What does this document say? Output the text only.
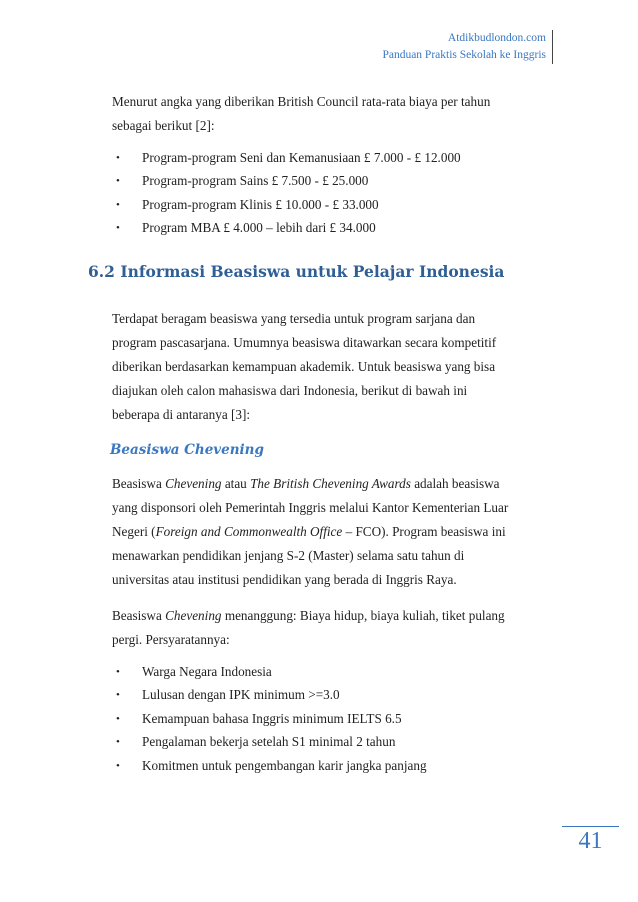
Atdikbudlondon.com
Panduan Praktis Sekolah ke Inggris

Menurut angka yang diberikan British Council rata-rata biaya per tahun
sebagai berikut [2]:

•	Program-program Seni dan Kemanusiaan £ 7.000 - £ 12.000
•	Program-program Sains £ 7.500 - £ 25.000
•	Program-program Klinis £ 10.000 - £ 33.000
•	Program MBA £ 4.000 – lebih dari £ 34.000
6.2 Informasi Beasiswa untuk Pelajar Indonesia

Terdapat beragam beasiswa yang tersedia untuk program sarjana dan
program pascasarjana. Umumnya beasiswa ditawarkan secara kompetitif
diberikan berdasarkan kemampuan akademik. Untuk beasiswa yang bisa
diajukan oleh calon mahasiswa dari Indonesia, berikut di bawah ini
beberapa di antaranya [3]:

Beasiswa Chevening

Beasiswa Chevening atau The British Chevening Awards adalah beasiswa
yang disponsori oleh Pemerintah Inggris melalui Kantor Kementerian Luar
Negeri (Foreign and Commonwealth Office – FCO). Program beasiswa ini
menawarkan pendidikan jenjang S-2 (Master) selama satu tahun di
universitas atau institusi pendidikan yang berada di Inggris Raya.

Beasiswa Chevening menanggung: Biaya hidup, biaya kuliah, tiket pulang
pergi. Persyaratannya:

•	Warga Negara Indonesia
•	Lulusan dengan IPK minimum >=3.0
•	Kemampuan bahasa Inggris minimum IELTS 6.5
•	Pengalaman bekerja setelah S1 minimal 2 tahun
•	Komitmen untuk pengembangan karir jangka panjang
41
